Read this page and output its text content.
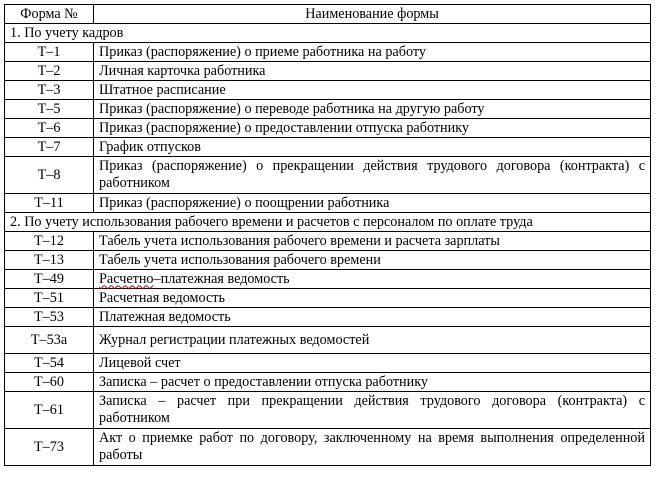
Форма №	Наименование формы
1. По учету кадров	
Т–1	Приказ (распоряжение) о приеме работника на работу
Т–2	Личная карточка работника
Т–3	Штатное расписание
Т–5	Приказ (распоряжение) о переводе работника на другую работу
Т–6	Приказ (распоряжение) о предоставлении отпуска работнику
Т–7	График отпусков
Т–8	Приказ (распоряжение) о прекращении действия трудового договора (контракта) с работником
Т–11	Приказ (распоряжение) о поощрении работника
2. По учету использования рабочего времени и расчетов с персоналом по оплате труда	
Т–12	Табель учета использования рабочего времени и расчета зарплаты
Т–13	Табель учета использования рабочего времени
Т–49	Расчетно–платежная ведомость
Т–51	Расчетная ведомость
Т–53	Платежная ведомость
Т–53а	Журнал регистрации платежных ведомостей
Т–54	Лицевой счет
Т–60	Записка – расчет о предоставлении отпуска работнику
Т–61	Записка – расчет при прекращении действия трудового договора (контракта) с работником
Т–73	Акт о приемке работ по договору, заключенному на время выполнения определенной работы
